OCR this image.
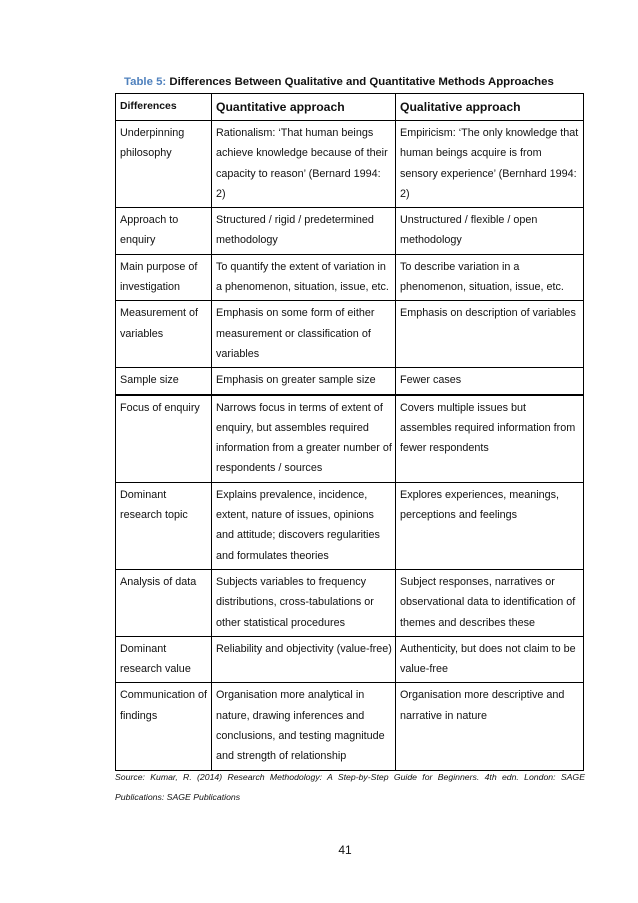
Table 5: Differences Between Qualitative and Quantitative Methods Approaches
Differences	Quantitative approach	Qualitative approach
Underpinning philosophy	Rationalism: ‘That human beings achieve knowledge because of their capacity to reason’ (Bernard 1994: 2)	Empiricism: ‘The only knowledge that human beings acquire is from sensory experience’ (Bernhard 1994: 2)
Approach to enquiry	Structured / rigid / predetermined methodology	Unstructured / flexible / open methodology
Main purpose of investigation	To quantify the extent of variation in a phenomenon, situation, issue, etc.	To describe variation in a phenomenon, situation, issue, etc.
Measurement of variables	Emphasis on some form of either measurement or classification of variables	Emphasis on description of variables
Sample size	Emphasis on greater sample size	Fewer cases
Focus of enquiry	Narrows focus in terms of extent of enquiry, but assembles required information from a greater number of respondents / sources	Covers multiple issues but assembles required information from fewer respondents
Dominant research topic	Explains prevalence, incidence, extent, nature of issues, opinions and attitude; discovers regularities and formulates theories	Explores experiences, meanings, perceptions and feelings
Analysis of data	Subjects variables to frequency distributions, cross-tabulations or other statistical procedures	Subject responses, narratives or observational data to identification of themes and describes these
Dominant research value	Reliability and objectivity (value-free)	Authenticity, but does not claim to be value-free
Communication of findings	Organisation more analytical in nature, drawing inferences and conclusions, and testing magnitude and strength of relationship	Organisation more descriptive and narrative in nature
Source: Kumar, R. (2014) Research Methodology: A Step-by-Step Guide for Beginners. 4th edn. London: SAGE Publications: SAGE Publications
41
